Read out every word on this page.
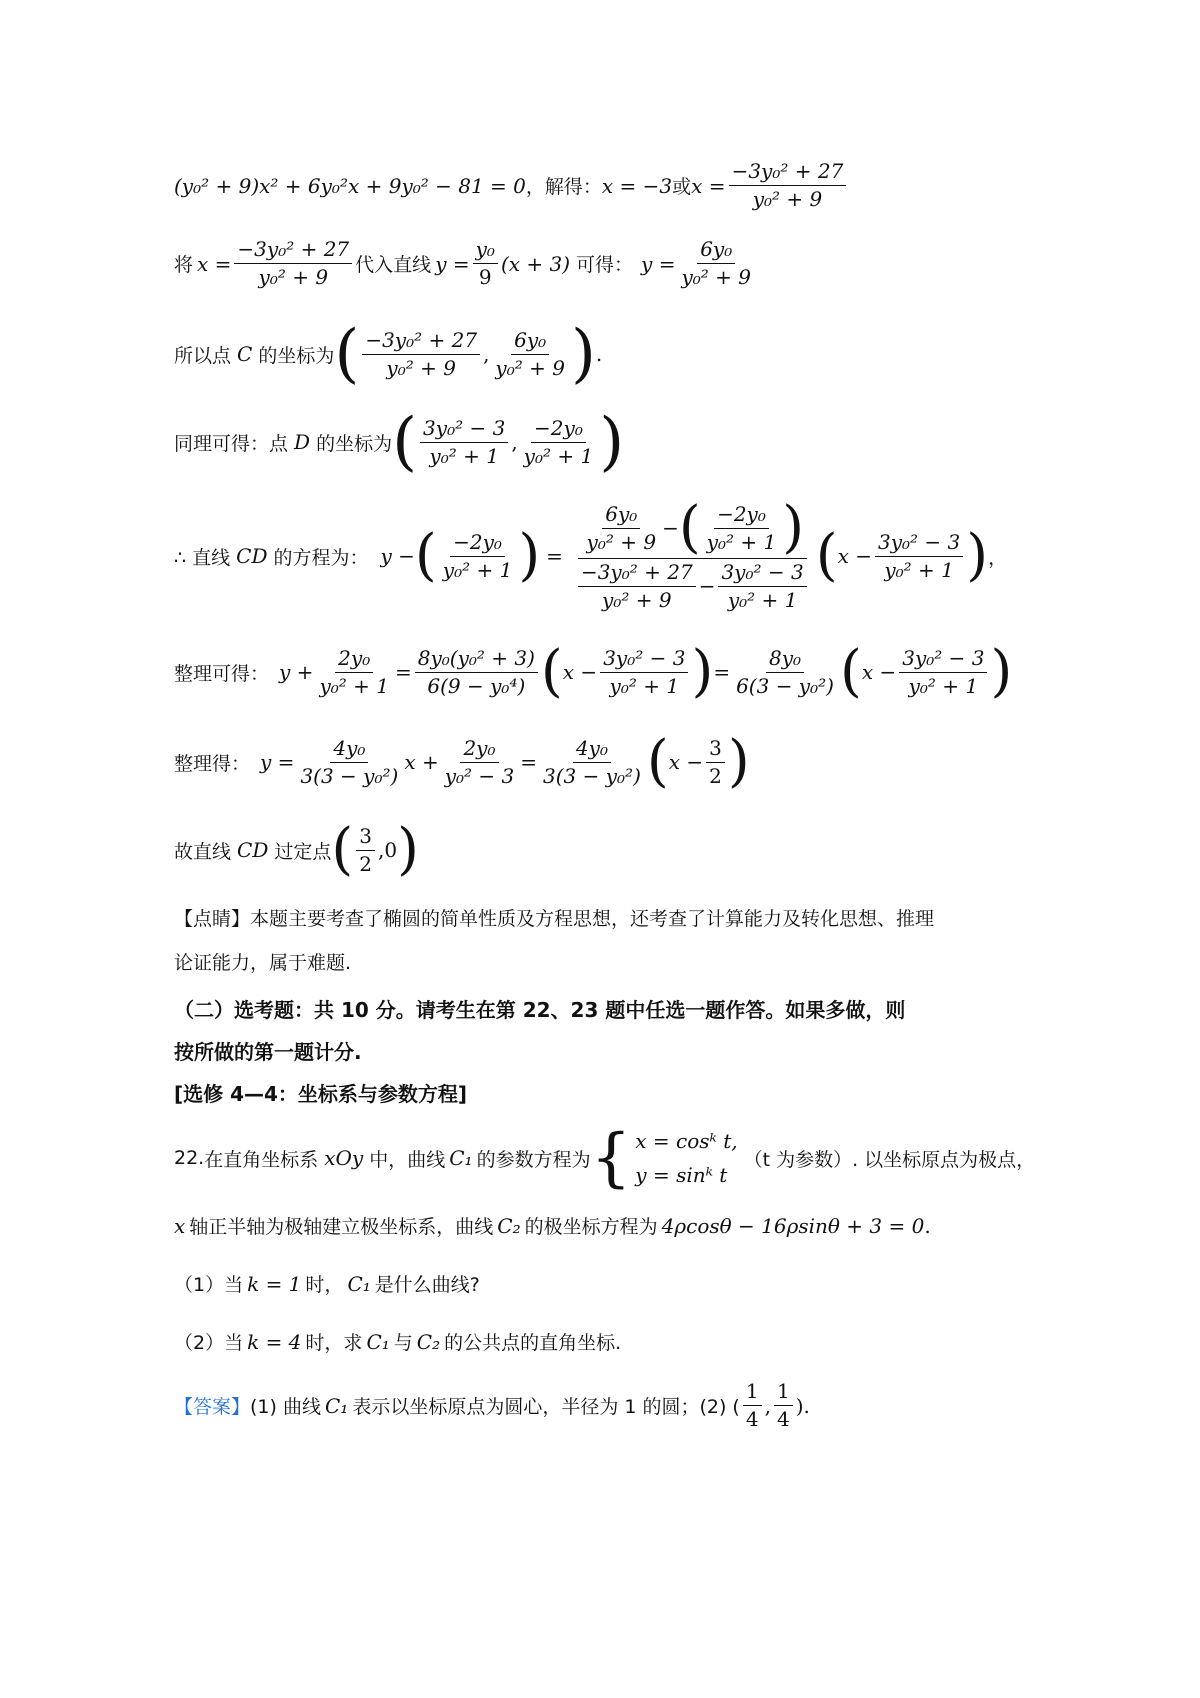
(y₀² + 9)x² + 6y₀²x + 9y₀² − 81 = 0 ，解得： x = −3 或 $x = \frac{\text{−3y₀² + 27}}{\text{y₀² + 9}}$
将 $x = \frac{\text{−3y₀² + 27}}{\text{y₀² + 9}}$ 代入直线 $y = \frac{\text{y₀}}{9} (x + 3)$ 可得： $y = \frac{\text{6y₀}}{\text{y₀² + 9}}$
所以点 C 的坐标为 ( $\frac{\text{−3y₀² + 27}}{\text{y₀² + 9}}$ , $\frac{\text{6y₀}}{\text{y₀² + 9}}$ ) .
同理可得：点 D 的坐标为 ( $\frac{\text{3y₀² − 3}}{\text{y₀² + 1}}$ , $\frac{\text{−2y₀}}{\text{y₀² + 1}}$ )
∴ 直线 CD 的方程为： y − ( $\frac{\text{−2y₀}}{\text{y₀² + 1}}$ ) =
$\frac{\text{6y₀}}{\text{y₀² + 9}}$ − ( $\frac{\text{−2y₀}}{\text{y₀² + 1}}$ )
$\frac{\text{−3y₀² + 27}}{\text{y₀² + 9}} - \frac{\text{3y₀² − 3}}{\text{y₀² + 1}}$ ( $x - \frac{\text{3y₀² − 3}}{\text{y₀² + 1}}$ ) ，
整理可得： $y + \frac{\text{2y₀}}{\text{y₀² + 1}} = \frac{\text{8y₀(y₀² + 3)}}{\text{6(9 − y₀⁴)}}$ ( $x - \frac{\text{3y₀² − 3}}{\text{y₀² + 1}}$ ) = $\frac{\text{8y₀}}{\text{6(3 − y₀²)}}$ ( $x - \frac{\text{3y₀² − 3}}{\text{y₀² + 1}}$ )
整理得： $y = \frac{\text{4y₀}}{\text{3(3 − y₀²)}}$ $x + \frac{\text{2y₀}}{\text{y₀² − 3}} = \frac{\text{4y₀}}{\text{3(3 − y₀²)}}$ ( $x - \frac{3}{2}$ )
故直线 CD 过定点 ( $\frac{3}{2} ,0$ )
【点睛】 本题主要考查了椭圆的简单性质及方程思想，还考查了计算能力及转化思想、推理
论证能力，属于难题.
（二）选考题：共 10 分。请考生在第 22、23 题中任选一题作答。如果多做，则
按所做的第一题计分.
[选修 4—4：坐标系与参数方程]
22. 在直角坐标系 xOy 中，曲线 C₁ 的参数方程为 { x = cosᵏ t,
y = sinᵏ t
（t 为参数）. 以坐标原点为极点，
x 轴正半轴为极轴建立极坐标系，曲线 C₂ 的极坐标方程为 4ρcosθ − 16ρsinθ + 3 = 0 .
（1）当 k = 1 时， C₁ 是什么曲线?
（2）当 k = 4 时，求 C₁ 与 C₂ 的公共点的直角坐标.
【答案】 (1) 曲线 C₁ 表示以坐标原点为圆心，半径为 1 的圆；(2) ( $\frac{1}{4}$ , $\frac{1}{4}$ ).
